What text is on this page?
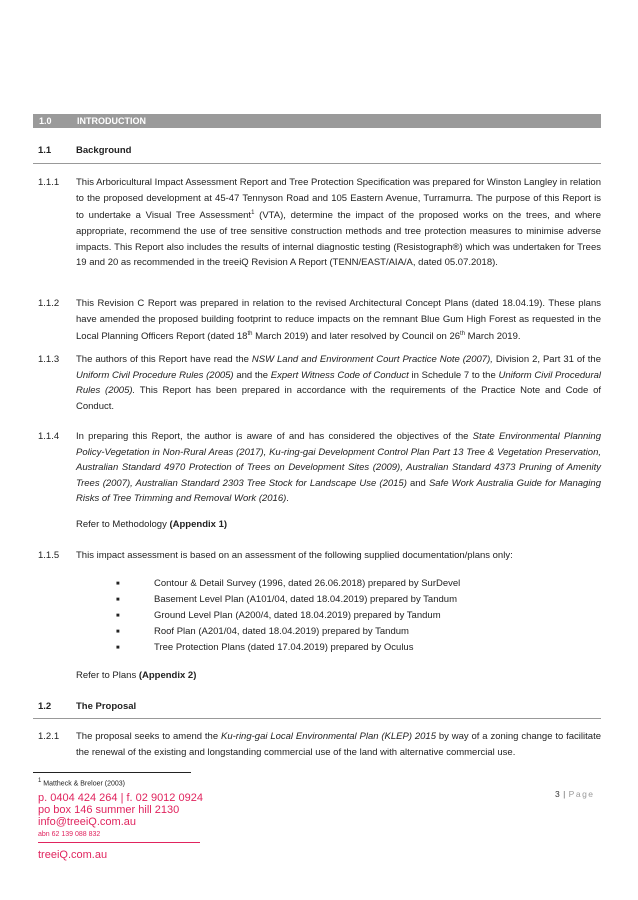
1.0	INTRODUCTION
1.1	Background
1.1.1 This Arboricultural Impact Assessment Report and Tree Protection Specification was prepared for Winston Langley in relation to the proposed development at 45-47 Tennyson Road and 105 Eastern Avenue, Turramurra. The purpose of this Report is to undertake a Visual Tree Assessment$^1$ (VTA), determine the impact of the proposed works on the trees, and where appropriate, recommend the use of tree sensitive construction methods and tree protection measures to minimise adverse impacts. This Report also includes the results of internal diagnostic testing (Resistograph®) which was undertaken for Trees 19 and 20 as recommended in the treeiQ Revision A Report (TENN/EAST/AIA/A, dated 05.07.2018).

1.1.2 This Revision C Report was prepared in relation to the revised Architectural Concept Plans (dated 18.04.19). These plans have amended the proposed building footprint to reduce impacts on the remnant Blue Gum High Forest as requested in the Local Planning Officers Report (dated 18th March 2019) and later resolved by Council on 26th March 2019.

1.1.3 The authors of this Report have read the NSW Land and Environment Court Practice Note (2007), Division 2, Part 31 of the Uniform Civil Procedure Rules (2005) and the Expert Witness Code of Conduct in Schedule 7 to the Uniform Civil Procedural Rules (2005). This Report has been prepared in accordance with the requirements of the Practice Note and Code of Conduct.

1.1.4 In preparing this Report, the author is aware of and has considered the objectives of the State Environmental Planning Policy-Vegetation in Non-Rural Areas (2017), Ku-ring-gai Development Control Plan Part 13 Tree & Vegetation Preservation, Australian Standard 4970 Protection of Trees on Development Sites (2009), Australian Standard 4373 Pruning of Amenity Trees (2007), Australian Standard 2303 Tree Stock for Landscape Use (2015) and Safe Work Australia Guide for Managing Risks of Tree Trimming and Removal Work (2016).

Refer to Methodology (Appendix 1)
1.1.5 This impact assessment is based on an assessment of the following supplied documentation/plans only:

■ Contour & Detail Survey (1996, dated 26.06.2018) prepared by SurDevel
■ Basement Level Plan (A101/04, dated 18.04.2019) prepared by Tandum
■ Ground Level Plan (A200/4, dated 18.04.2019) prepared by Tandum
■ Roof Plan (A201/04, dated 18.04.2019) prepared by Tandum
■ Tree Protection Plans (dated 17.04.2019) prepared by Oculus
Refer to Plans (Appendix 2)
1.2	The Proposal
1.2.1 The proposal seeks to amend the Ku-ring-gai Local Environmental Plan (KLEP) 2015 by way of a zoning change to facilitate the renewal of the existing and longstanding commercial use of the land with alternative commercial use.

$^1$ Mattheck & Breloer (2003)
p. 0404 424 264 | f. 02 9012 0924
po box 146 summer hill 2130
info@treeiQ.com.au
abn 62 139 088 832
treeiQ.com.au
3 | Page
